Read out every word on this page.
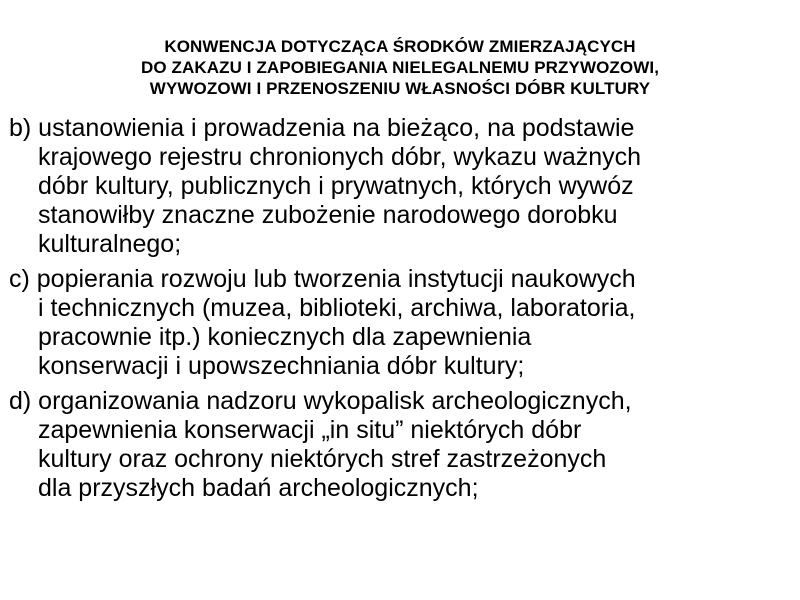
KONWENCJA DOTYCZĄCA ŚRODKÓW ZMIERZAJĄCYCH
DO ZAKAZU I ZAPOBIEGANIA NIELEGALNEMU PRZYWOZOWI,
WYWOZOWI I PRZENOSZENIU WŁASNOŚCI DÓBR KULTURY
b) ustanowienia i prowadzenia na bieżąco, na podstawie
krajowego rejestru chronionych dóbr, wykazu ważnych
dóbr kultury, publicznych i prywatnych, których wywóz
stanowiłby znaczne zubożenie narodowego dorobku
kulturalnego;
c) popierania rozwoju lub tworzenia instytucji naukowych
i technicznych (muzea, biblioteki, archiwa, laboratoria,
pracownie itp.) koniecznych dla zapewnienia
konserwacji i upowszechniania dóbr kultury;
d) organizowania nadzoru wykopalisk archeologicznych,
zapewnienia konserwacji „in situ” niektórych dóbr
kultury oraz ochrony niektórych stref zastrzeżonych
dla przyszłych badań archeologicznych;
